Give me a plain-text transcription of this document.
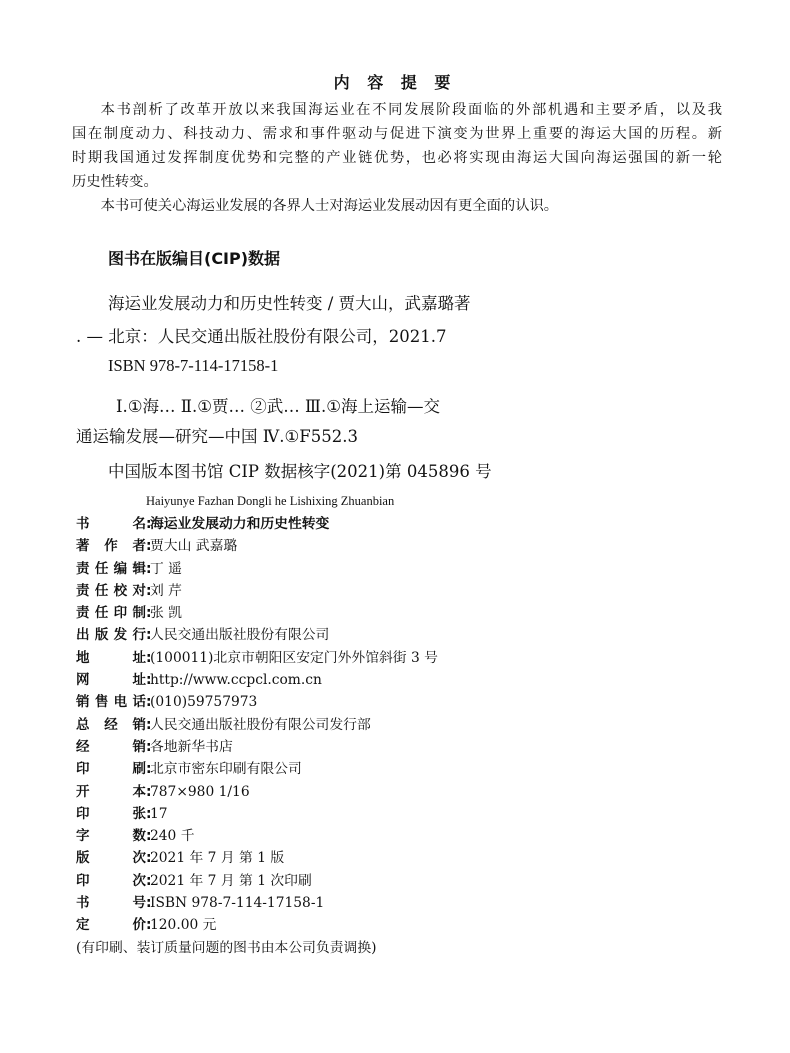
内 容 提 要

本书剖析了改革开放以来我国海运业在不同发展阶段面临的外部机遇和主要矛盾，以及我

国在制度动力、科技动力、需求和事件驱动与促进下演变为世界上重要的海运大国的历程。新

时期我国通过发挥制度优势和完整的产业链优势，也必将实现由海运大国向海运强国的新一轮

历史性转变。

本书可使关心海运业发展的各界人士对海运业发展动因有更全面的认识。

图书在版编目(CIP)数据
海运业发展动力和历史性转变 / 贾大山，武嘉璐著
. — 北京：人民交通出版社股份有限公司，2021.7
ISBN 978-7-114-17158-1
Ⅰ.①海… Ⅱ.①贾… ②武… Ⅲ.①海上运输—交
通运输发展—研究—中国 Ⅳ.①F552.3
中国版本图书馆 CIP 数据核字(2021)第 045896 号
Haiyunye Fazhan Dongli he Lishixing Zhuanbian
书名:海运业发展动力和历史性转变
著作者:贾大山 武嘉璐
责任编辑:丁 遥
责任校对:刘 芹
责任印制:张 凯
出版发行:人民交通出版社股份有限公司
地址:(100011)北京市朝阳区安定门外外馆斜街 3 号
网址:http://www.ccpcl.com.cn
销售电话:(010)59757973
总经销:人民交通出版社股份有限公司发行部
经销:各地新华书店
印刷:北京市密东印刷有限公司
开本:787×980 1/16
印张:17
字数:240 千
版次:2021 年 7 月 第 1 版
印次:2021 年 7 月 第 1 次印刷
书号:ISBN 978-7-114-17158-1
定价:120.00 元
(有印刷、装订质量问题的图书由本公司负责调换)
